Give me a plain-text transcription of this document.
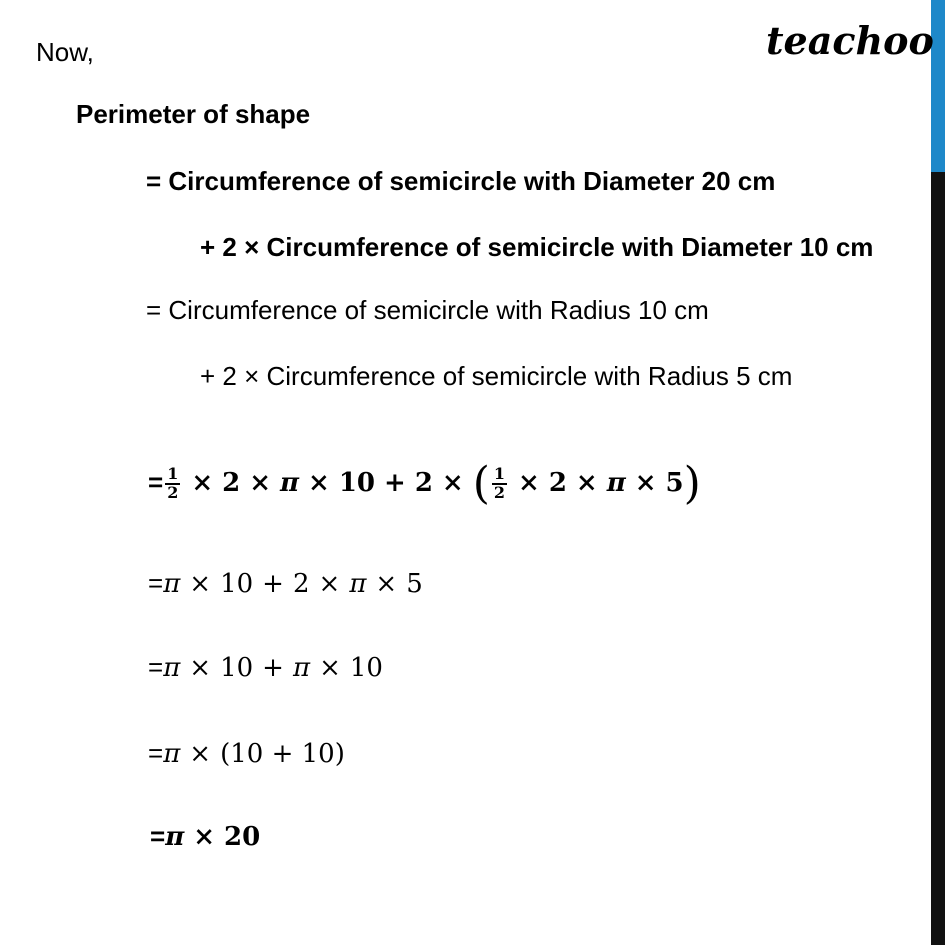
teachoo
Now,
Perimeter of shape
= Circumference of semicircle with Diameter 20 cm
+ 2 × Circumference of semicircle with Diameter 10 cm
= Circumference of semicircle with Radius 10 cm
+ 2 × Circumference of semicircle with Radius 5 cm
= $\frac{1}{2} \times 2 \times \pi \times 10 + 2$ × ( $\frac{1}{2} \times 2 \times \pi \times 5$)
=π × 10 + 2 × π × 5
=π × 10 + π × 10
=π × (10 + 10)
=π × 20
